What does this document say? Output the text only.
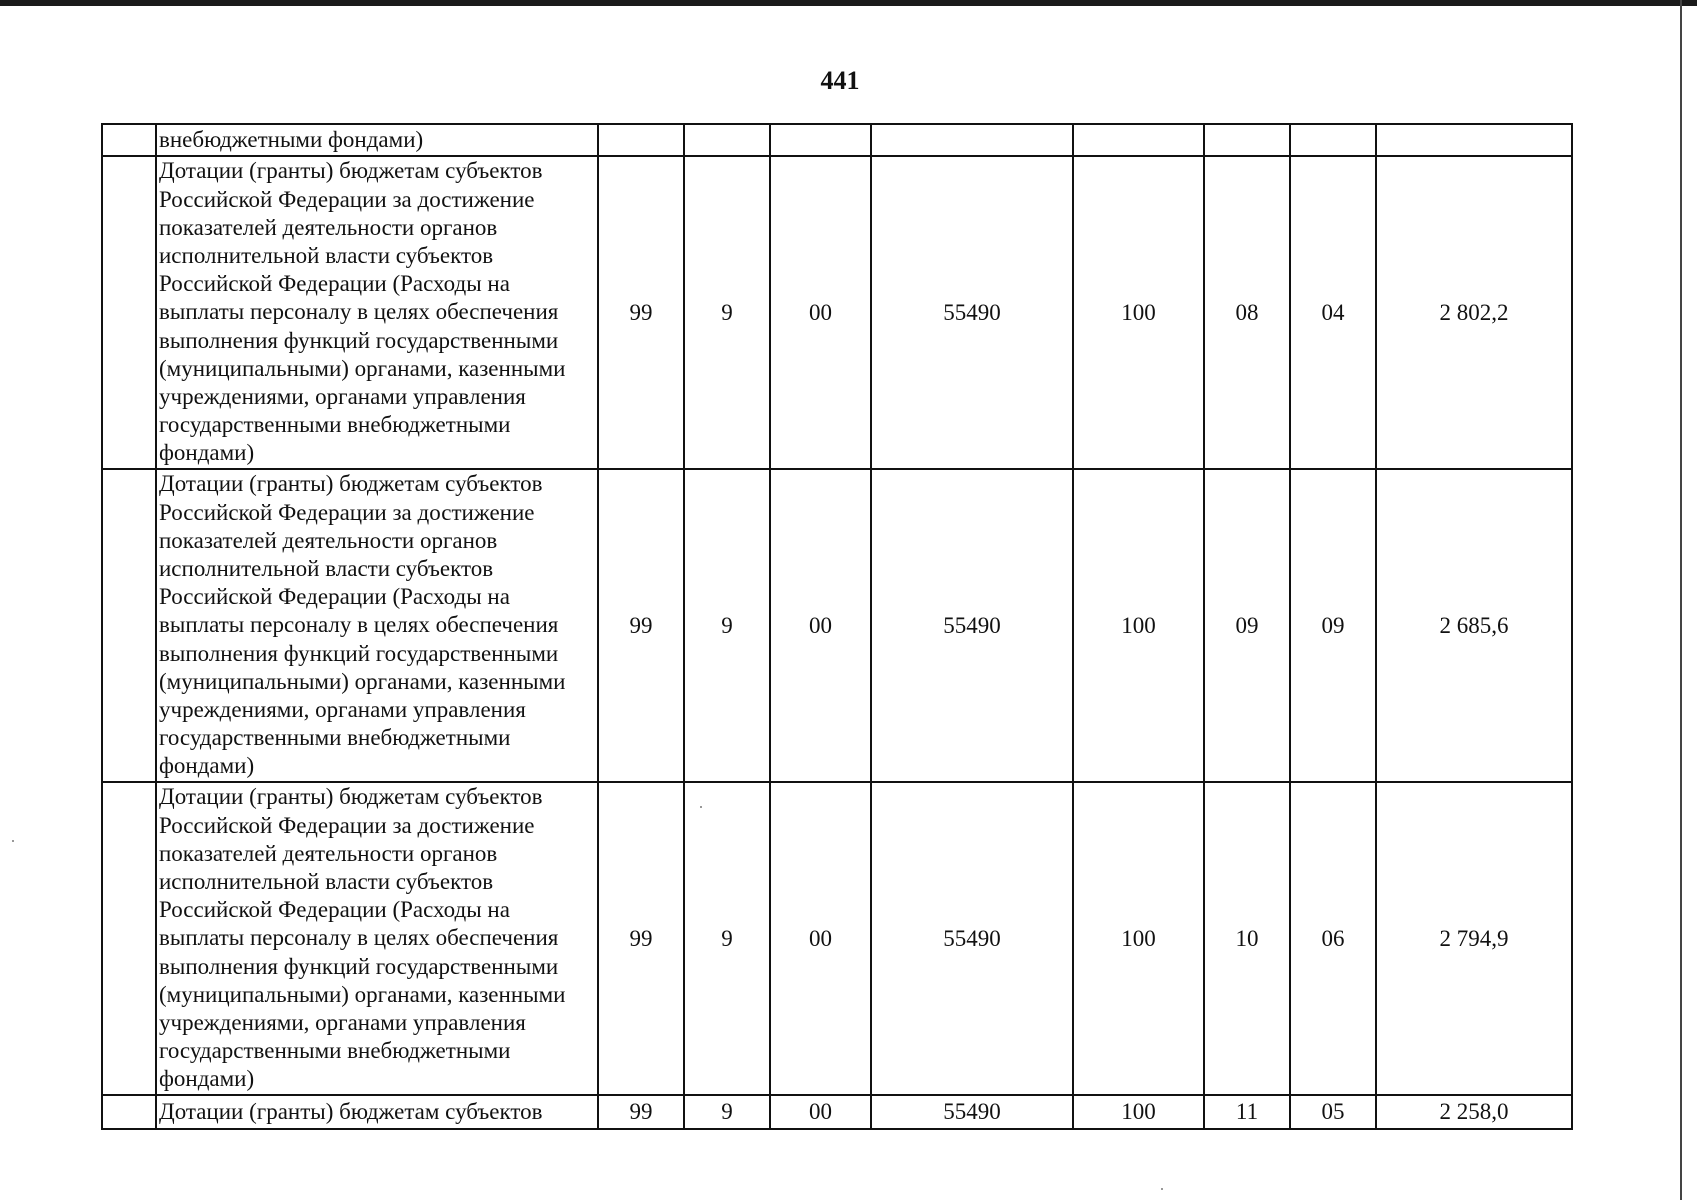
441
	внебюджетными фондами)								
	Дотации (гранты) бюджетам субъектов Российской Федерации за достижение показателей деятельности органов исполнительной власти субъектов Российской Федерации (Расходы на выплаты персоналу в целях обеспечения выполнения функций государственными (муниципальными) органами, казенными учреждениями, органами управления государственными внебюджетными фондами)	99	9	00	55490	100	08	04	2 802,2
	Дотации (гранты) бюджетам субъектов Российской Федерации за достижение показателей деятельности органов исполнительной власти субъектов Российской Федерации (Расходы на выплаты персоналу в целях обеспечения выполнения функций государственными (муниципальными) органами, казенными учреждениями, органами управления государственными внебюджетными фондами)	99	9	00	55490	100	09	09	2 685,6
	Дотации (гранты) бюджетам субъектов Российской Федерации за достижение показателей деятельности органов исполнительной власти субъектов Российской Федерации (Расходы на выплаты персоналу в целях обеспечения выполнения функций государственными (муниципальными) органами, казенными учреждениями, органами управления государственными внебюджетными фондами)	99	9	00	55490	100	10	06	2 794,9
	Дотации (гранты) бюджетам субъектов	99	9	00	55490	100	11	05	2 258,0
